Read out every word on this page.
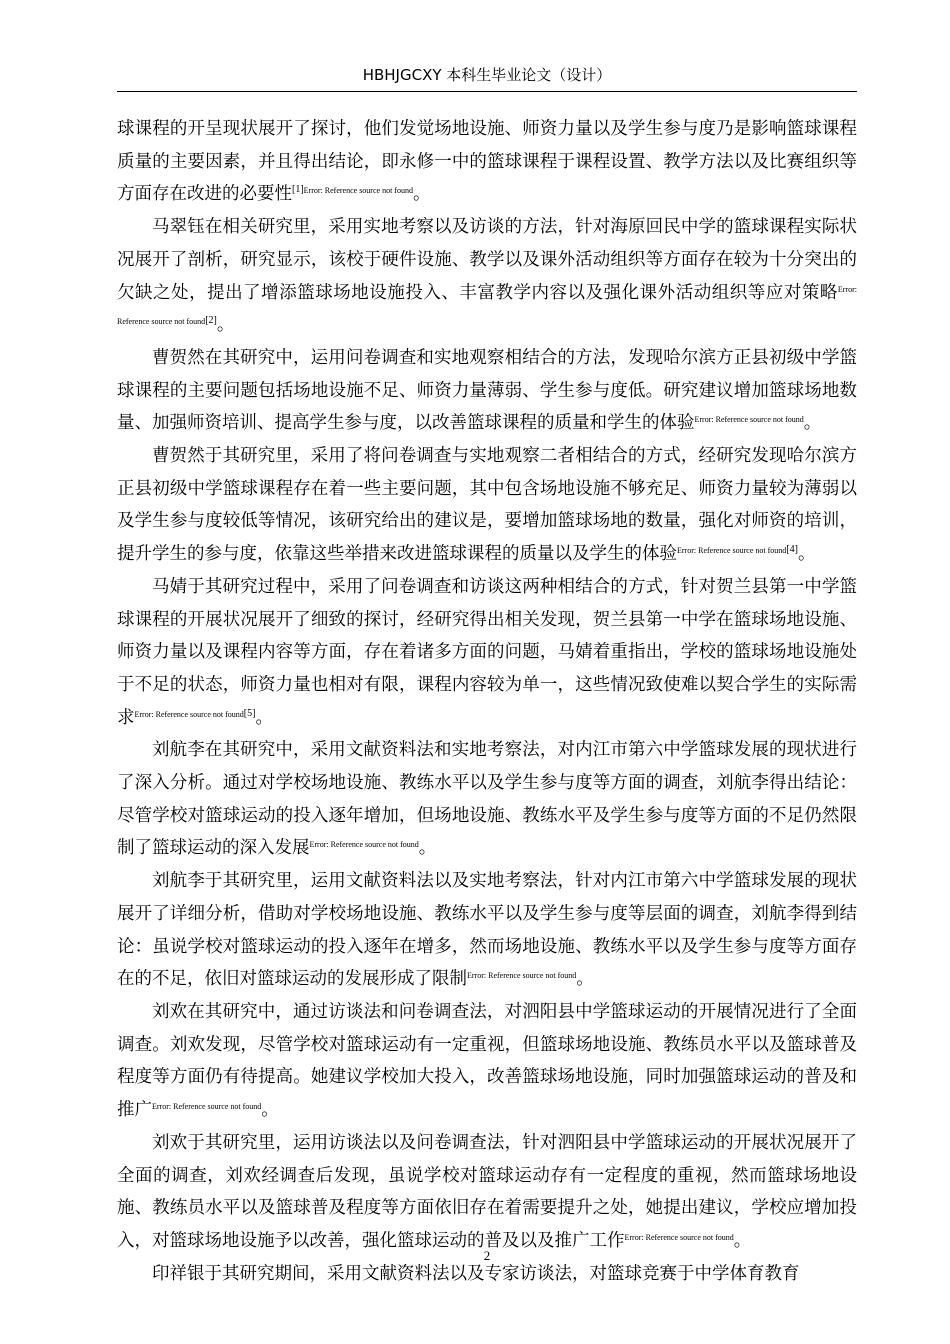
HBHJGCXY 本科生毕业论文（设计）

球课程的开呈现状展开了探讨，他们发觉场地设施、师资力量以及学生参与度乃是影响篮球课程质量的主要因素，并且得出结论，即永修一中的篮球课程于课程设置、教学方法以及比赛组织等方面存在改进的必要性$^{[1]Error: Reference source not found}$。

马翠钰在相关研究里，采用实地考察以及访谈的方法，针对海原回民中学的篮球课程实际状况展开了剖析，研究显示，该校于硬件设施、教学以及课外活动组织等方面存在较为十分突出的欠缺之处，提出了增添篮球场地设施投入、丰富教学内容以及强化课外活动组织等应对策略$^{Error: Reference source not found[2]}$。

曹贺然在其研究中，运用问卷调查和实地观察相结合的方法，发现哈尔滨方正县初级中学篮球课程的主要问题包括场地设施不足、师资力量薄弱、学生参与度低。研究建议增加篮球场地数量、加强师资培训、提高学生参与度，以改善篮球课程的质量和学生的体验$^{Error: Reference source not found}$。

曹贺然于其研究里，采用了将问卷调查与实地观察二者相结合的方式，经研究发现哈尔滨方正县初级中学篮球课程存在着一些主要问题，其中包含场地设施不够充足、师资力量较为薄弱以及学生参与度较低等情况，该研究给出的建议是，要增加篮球场地的数量，强化对师资的培训，提升学生的参与度，依靠这些举措来改进篮球课程的质量以及学生的体验$^{Error: Reference source not found[4]}$。

马婧于其研究过程中，采用了问卷调查和访谈这两种相结合的方式，针对贺兰县第一中学篮球课程的开展状况展开了细致的探讨，经研究得出相关发现，贺兰县第一中学在篮球场地设施、师资力量以及课程内容等方面，存在着诸多方面的问题，马婧着重指出，学校的篮球场地设施处于不足的状态，师资力量也相对有限，课程内容较为单一，这些情况致使难以契合学生的实际需求$^{Error: Reference source not found[5]}$。

刘航李在其研究中，采用文献资料法和实地考察法，对内江市第六中学篮球发展的现状进行了深入分析。通过对学校场地设施、教练水平以及学生参与度等方面的调查，刘航李得出结论：尽管学校对篮球运动的投入逐年增加，但场地设施、教练水平及学生参与度等方面的不足仍然限制了篮球运动的深入发展$^{Error: Reference source not found}$。

刘航李于其研究里，运用文献资料法以及实地考察法，针对内江市第六中学篮球发展的现状展开了详细分析，借助对学校场地设施、教练水平以及学生参与度等层面的调查，刘航李得到结论：虽说学校对篮球运动的投入逐年在增多，然而场地设施、教练水平以及学生参与度等方面存在的不足，依旧对篮球运动的发展形成了限制$^{Error: Reference source not found}$。

刘欢在其研究中，通过访谈法和问卷调查法，对泗阳县中学篮球运动的开展情况进行了全面调查。刘欢发现，尽管学校对篮球运动有一定重视，但篮球场地设施、教练员水平以及篮球普及程度等方面仍有待提高。她建议学校加大投入，改善篮球场地设施，同时加强篮球运动的普及和推广$^{Error: Reference source not found}$。

刘欢于其研究里，运用访谈法以及问卷调查法，针对泗阳县中学篮球运动的开展状况展开了全面的调查，刘欢经调查后发现，虽说学校对篮球运动存有一定程度的重视，然而篮球场地设施、教练员水平以及篮球普及程度等方面依旧存在着需要提升之处，她提出建议，学校应增加投入，对篮球场地设施予以改善，强化篮球运动的普及以及推广工作$^{Error: Reference source not found}$。

印祥银于其研究期间，采用文献资料法以及专家访谈法，对篮球竞赛于中学体育教育

2
